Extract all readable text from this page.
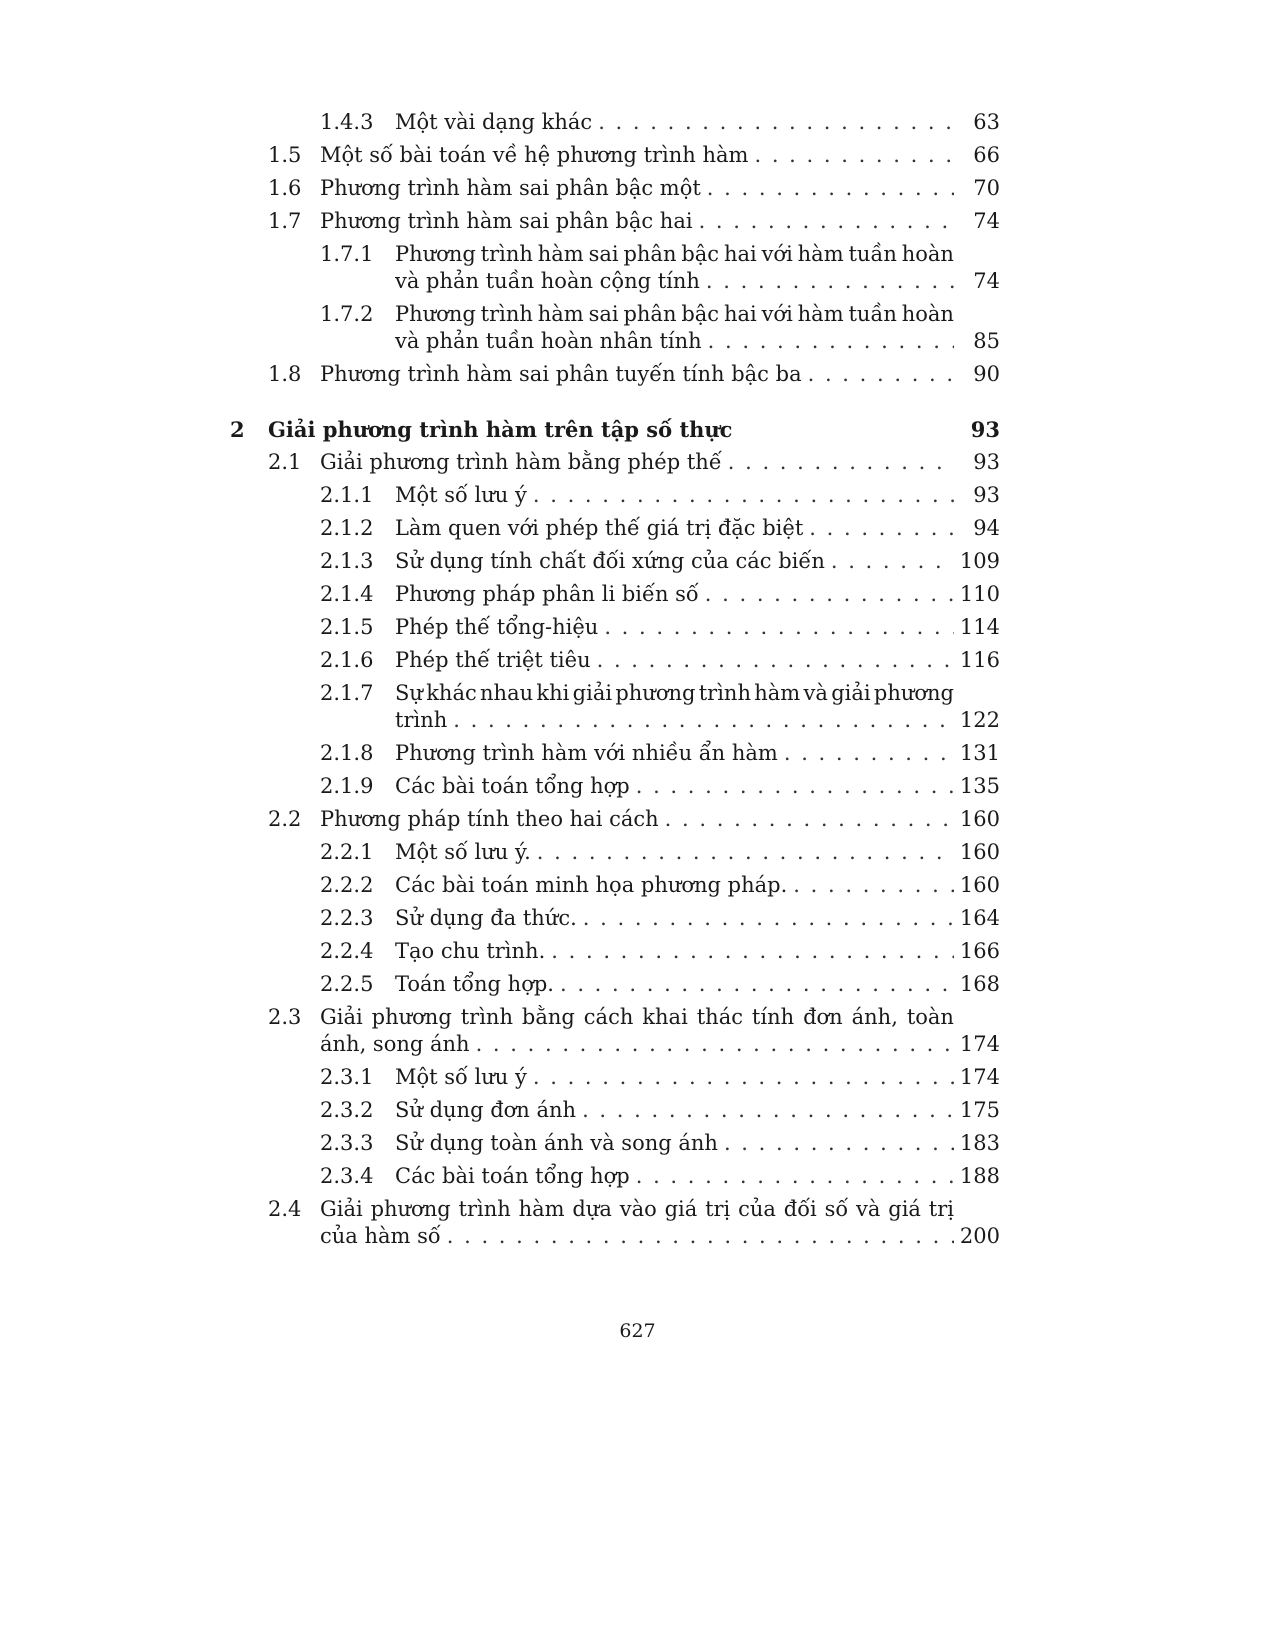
1.4.3 Một vài dạng khác . . .	63
1.5 Một số bài toán về hệ phương trình hàm . . .	66
1.6 Phương trình hàm sai phân bậc một . . .	70
1.7 Phương trình hàm sai phân bậc hai . . .	74
1.7.1 Phương trình hàm sai phân bậc hai với hàm tuần hoàn
và phản tuần hoàn cộng tính . . .	74
1.7.2 Phương trình hàm sai phân bậc hai với hàm tuần hoàn
và phản tuần hoàn nhân tính . . .	85
1.8 Phương trình hàm sai phân tuyến tính bậc ba . . .	90
2 Giải phương trình hàm trên tập số thực	93
2.1 Giải phương trình hàm bằng phép thế . . .	93
2.1.1 Một số lưu ý . . .	93
2.1.2 Làm quen với phép thế giá trị đặc biệt . . .	94
2.1.3 Sử dụng tính chất đối xứng của các biến . . .	109
2.1.4 Phương pháp phân li biến số . . .	110
2.1.5 Phép thế tổng-hiệu . . .	114
2.1.6 Phép thế triệt tiêu . . .	116
2.1.7 Sự khác nhau khi giải phương trình hàm và giải phương
trình . . .	122
2.1.8 Phương trình hàm với nhiều ẩn hàm . . .	131
2.1.9 Các bài toán tổng hợp . . .	135
2.2 Phương pháp tính theo hai cách . . .	160
2.2.1 Một số lưu ý. . . .	160
2.2.2 Các bài toán minh họa phương pháp. . . .	160
2.2.3 Sử dụng đa thức. . . .	164
2.2.4 Tạo chu trình. . . .	166
2.2.5 Toán tổng hợp. . . .	168
2.3 Giải phương trình bằng cách khai thác tính đơn ánh, toàn
ánh, song ánh . . .	174
2.3.1 Một số lưu ý . . .	174
2.3.2 Sử dụng đơn ánh . . .	175
2.3.3 Sử dụng toàn ánh và song ánh . . .	183
2.3.4 Các bài toán tổng hợp . . .	188
2.4 Giải phương trình hàm dựa vào giá trị của đối số và giá trị
của hàm số . . .	200
627
